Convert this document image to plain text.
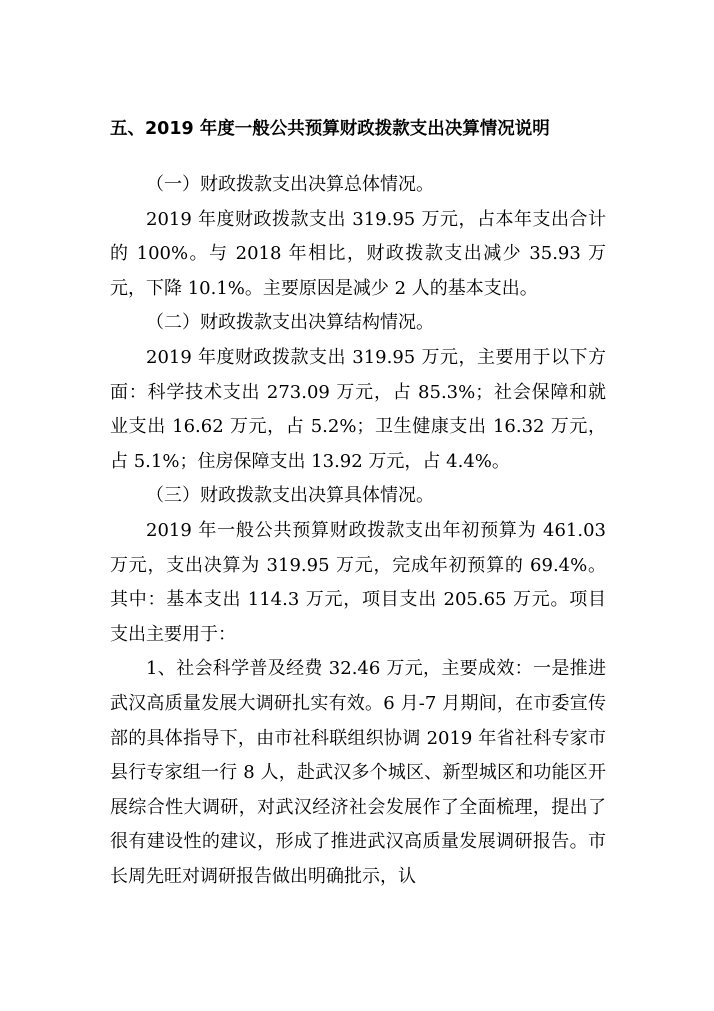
五、2019 年度一般公共预算财政拨款支出决算情况说明

（一）财政拨款支出决算总体情况。

2019 年度财政拨款支出 319.95 万元，占本年支出合计的 100%。与 2018 年相比，财政拨款支出减少 35.93 万元，下降 10.1%。主要原因是减少 2 人的基本支出。

（二）财政拨款支出决算结构情况。

2019 年度财政拨款支出 319.95 万元，主要用于以下方面：科学技术支出 273.09 万元，占 85.3%；社会保障和就业支出 16.62 万元，占 5.2%；卫生健康支出 16.32 万元，占 5.1%；住房保障支出 13.92 万元，占 4.4%。

（三）财政拨款支出决算具体情况。

2019 年一般公共预算财政拨款支出年初预算为 461.03 万元，支出决算为 319.95 万元，完成年初预算的 69.4%。其中：基本支出 114.3 万元，项目支出 205.65 万元。项目支出主要用于：

1、社会科学普及经费 32.46 万元，主要成效：一是推进武汉高质量发展大调研扎实有效。6 月-7 月期间，在市委宣传部的具体指导下，由市社科联组织协调 2019 年省社科专家市县行专家组一行 8 人，赴武汉多个城区、新型城区和功能区开展综合性大调研，对武汉经济社会发展作了全面梳理，提出了很有建设性的建议，形成了推进武汉高质量发展调研报告。市长周先旺对调研报告做出明确批示，认
